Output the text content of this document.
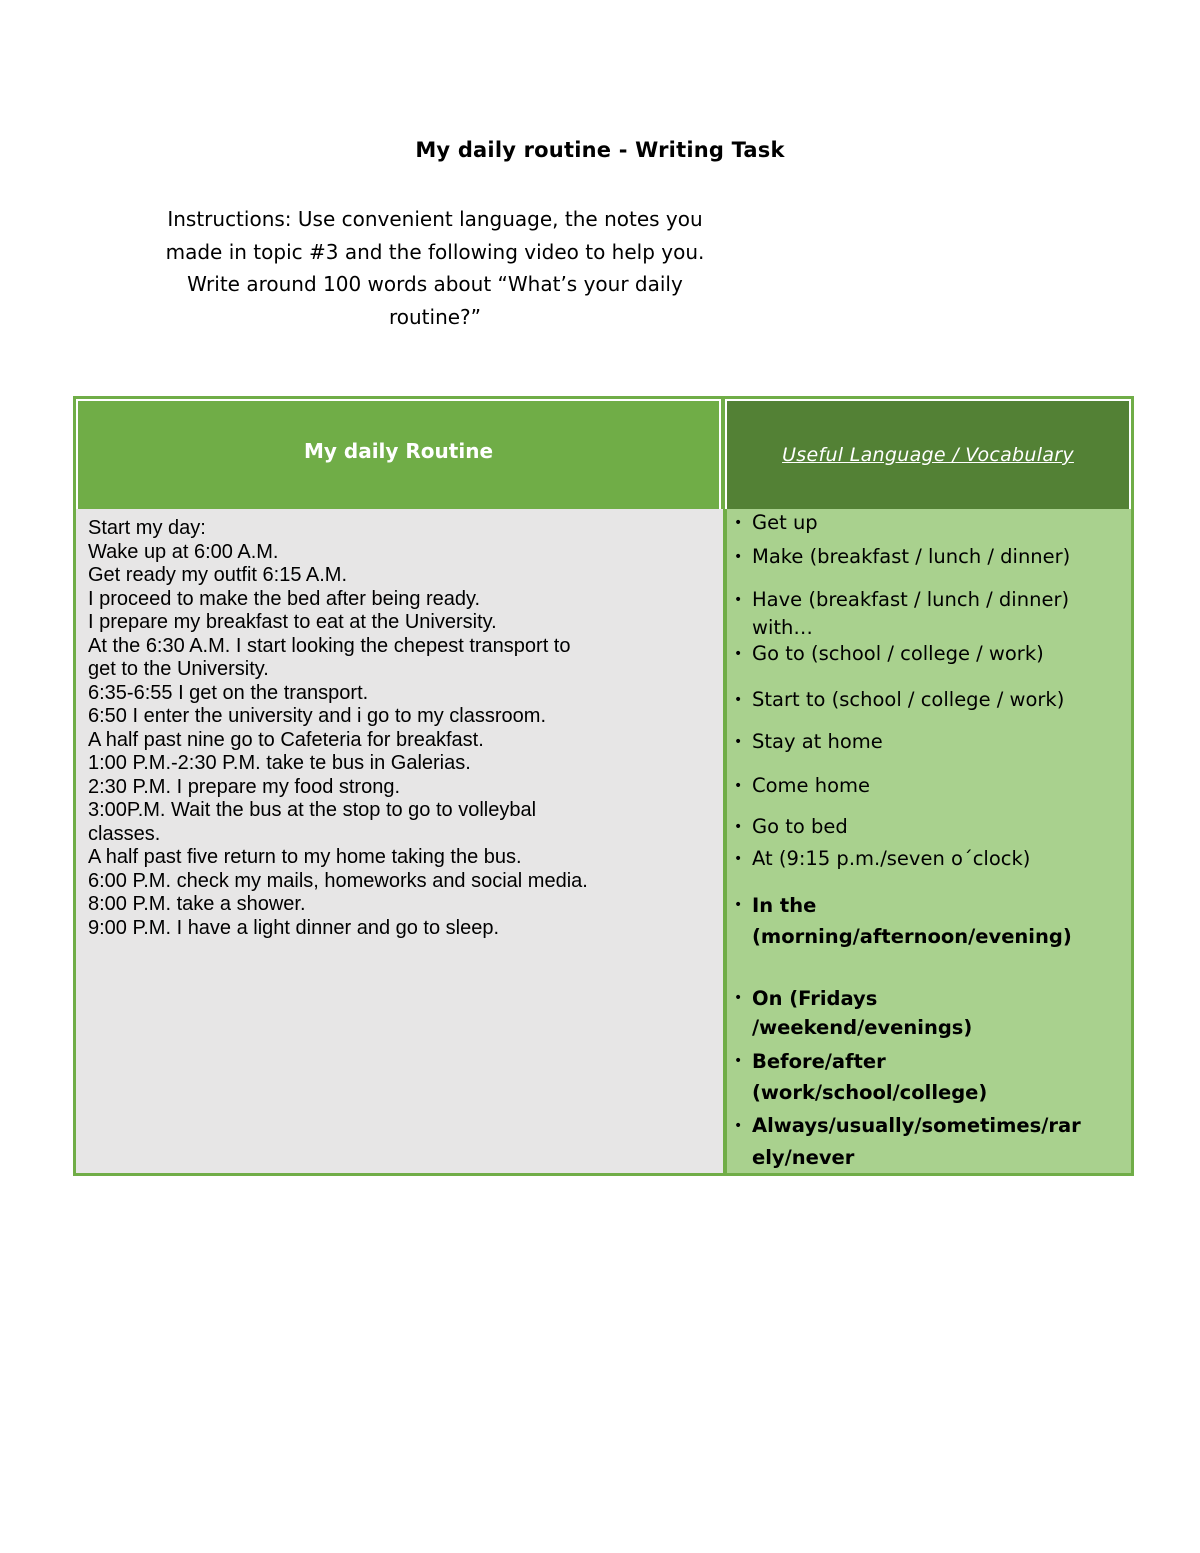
My daily routine - Writing Task
Instructions: Use convenient language, the notes you made in topic #3 and the following video to help you. Write around 100 words about “What’s your daily routine?”
My daily Routine	Useful Language / Vocabulary
Start my day:
Wake up at 6:00 A.M.
Get ready my outfit 6:15 A.M.
I proceed to make the bed after being ready.
I prepare my breakfast to eat at the University.
At the 6:30 A.M. I start looking the chepest transport to
get to the University.
6:35-6:55 I get on the transport.
6:50 I enter the university and i go to my classroom.
A half past nine go to Cafeteria for breakfast.
1:00 P.M.-2:30 P.M. take te bus in Galerias.
2:30 P.M. I prepare my food strong.
3:00P.M. Wait the bus at the stop to go to volleybal
classes.
A half past five return to my home taking the bus.
6:00 P.M. check my mails, homeworks and social media.
8:00 P.M. take a shower.
9:00 P.M. I have a light dinner and go to sleep.
• Get up
• Make (breakfast / lunch / dinner)
• Have (breakfast / lunch / dinner)
with…
• Go to (school / college / work)
• Start to (school / college / work)
• Stay at home
• Come home
• Go to bed
• At (9:15 p.m./seven o´clock)
• In the
(morning/afternoon/evening)
• On (Fridays
/weekend/evenings)
• Before/after
(work/school/college)
• Always/usually/sometimes/rar
ely/never
